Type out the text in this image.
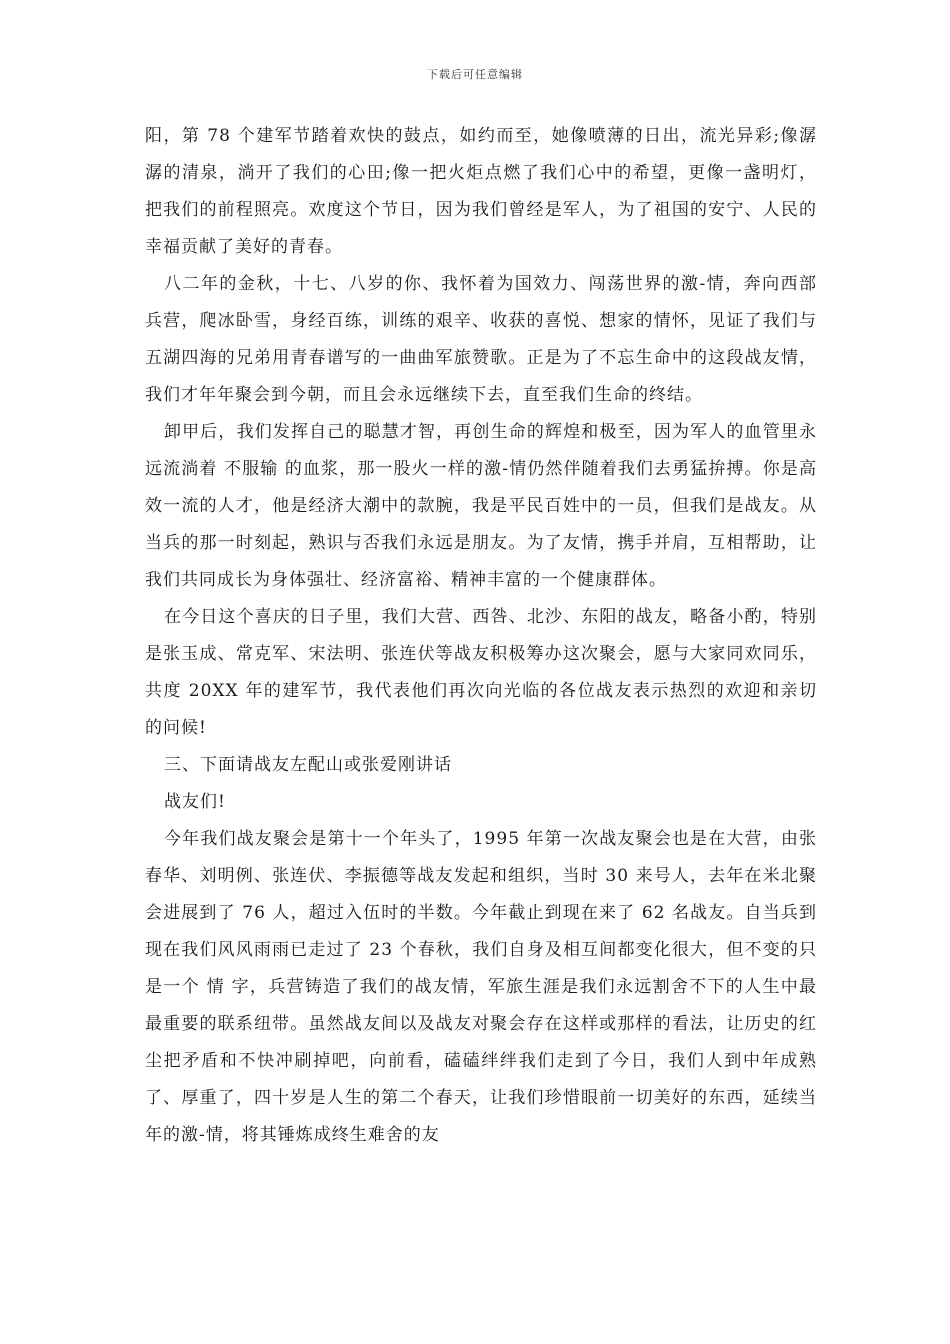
下载后可任意编辑

阳，第 78 个建军节踏着欢快的鼓点，如约而至，她像喷薄的日出，流光异彩;像潺潺的清泉，淌开了我们的心田;像一把火炬点燃了我们心中的希望，更像一盏明灯，把我们的前程照亮。欢度这个节日，因为我们曾经是军人，为了祖国的安宁、人民的幸福贡献了美好的青春。

八二年的金秋，十七、八岁的你、我怀着为国效力、闯荡世界的激-情，奔向西部兵营，爬冰卧雪，身经百练，训练的艰辛、收获的喜悦、想家的情怀，见证了我们与五湖四海的兄弟用青春谱写的一曲曲军旅赞歌。正是为了不忘生命中的这段战友情，我们才年年聚会到今朝，而且会永远继续下去，直至我们生命的终结。

卸甲后，我们发挥自己的聪慧才智，再创生命的辉煌和极至，因为军人的血管里永远流淌着 不服输 的血浆，那一股火一样的激-情仍然伴随着我们去勇猛拚搏。你是高效一流的人才，他是经济大潮中的款腕，我是平民百姓中的一员，但我们是战友。从当兵的那一时刻起，熟识与否我们永远是朋友。为了友情，携手并肩，互相帮助，让我们共同成长为身体强壮、经济富裕、精神丰富的一个健康群体。

在今日这个喜庆的日子里，我们大营、西咎、北沙、东阳的战友，略备小酌，特别是张玉成、常克军、宋法明、张连伏等战友积极筹办这次聚会，愿与大家同欢同乐，共度 20XX 年的建军节，我代表他们再次向光临的各位战友表示热烈的欢迎和亲切的问候!

三、下面请战友左配山或张爱刚讲话

战友们!

今年我们战友聚会是第十一个年头了，1995 年第一次战友聚会也是在大营，由张春华、刘明例、张连伏、李振德等战友发起和组织，当时 30 来号人，去年在米北聚会进展到了 76 人，超过入伍时的半数。今年截止到现在来了 62 名战友。自当兵到现在我们风风雨雨已走过了 23 个春秋，我们自身及相互间都变化很大，但不变的只是一个 情 字，兵营铸造了我们的战友情，军旅生涯是我们永远割舍不下的人生中最最重要的联系纽带。虽然战友间以及战友对聚会存在这样或那样的看法，让历史的红尘把矛盾和不快冲刷掉吧，向前看，磕磕绊绊我们走到了今日，我们人到中年成熟了、厚重了，四十岁是人生的第二个春天，让我们珍惜眼前一切美好的东西，延续当年的激-情，将其锤炼成终生难舍的友
